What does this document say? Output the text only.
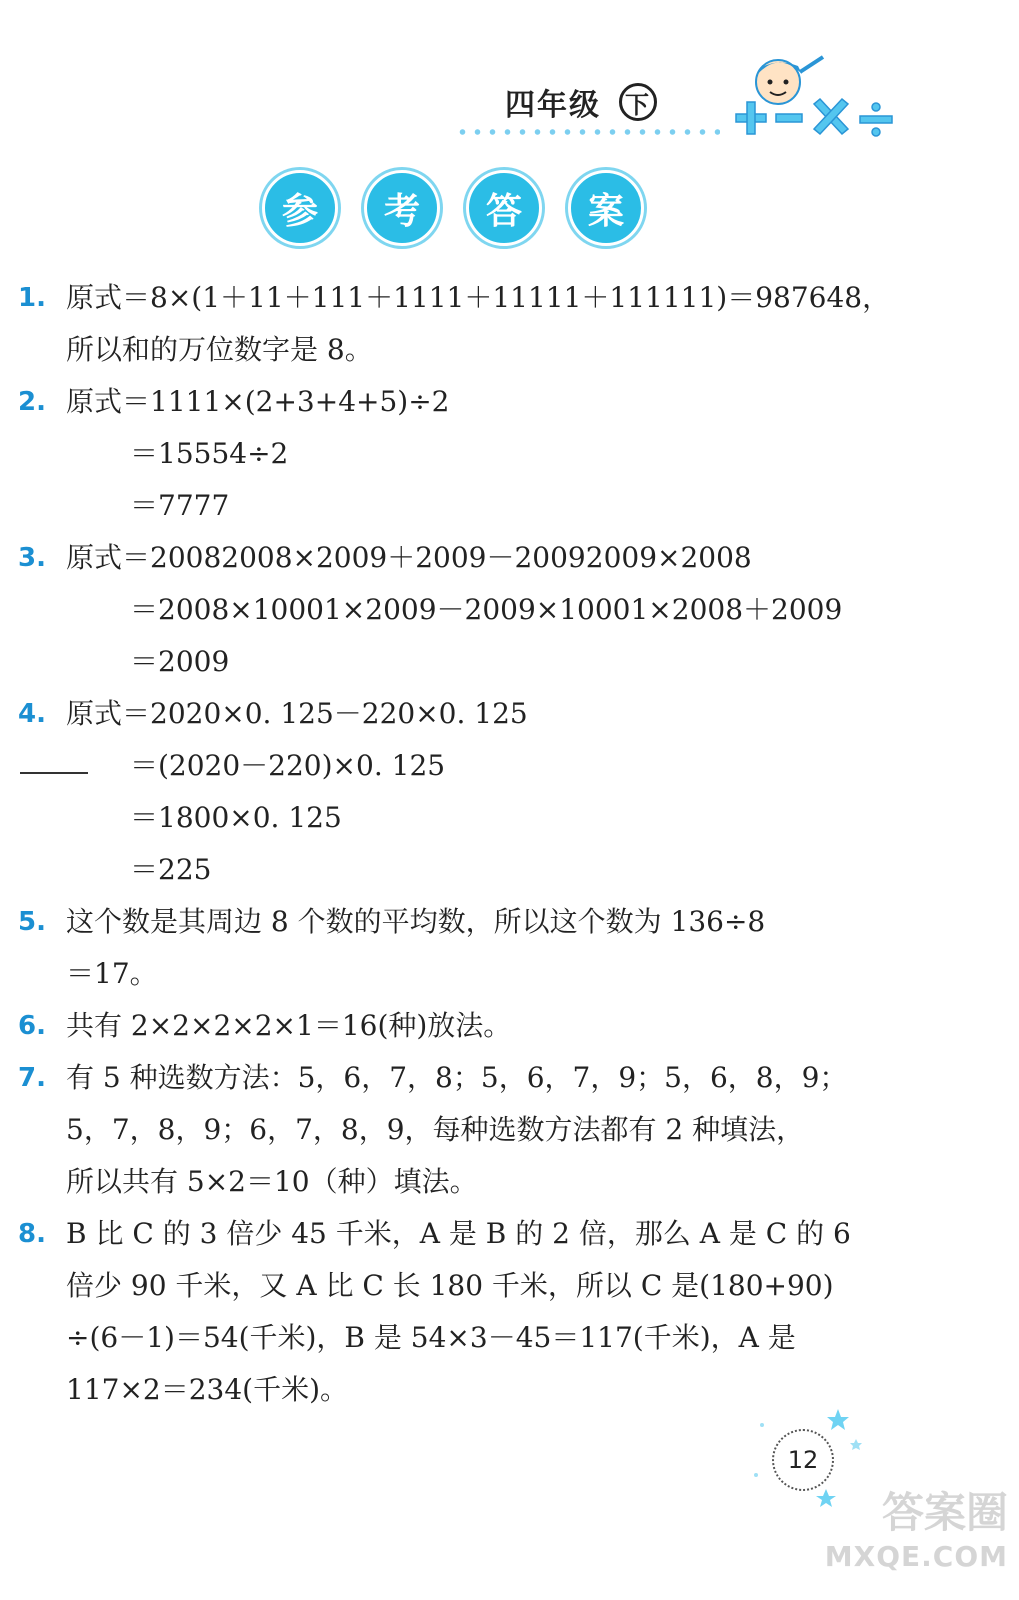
四年级 下
参	考	答	案
1. 原式＝8×(1＋11＋111＋1111＋11111＋111111)＝987648，
所以和的万位数字是 8。
2. 原式＝1111×(2+3+4+5)÷2
＝15554÷2
＝7777
3. 原式＝20082008×2009＋2009－20092009×2008
＝2008×10001×2009－2009×10001×2008＋2009
＝2009
4. 原式＝2020×0. 125－220×0. 125
＝(2020－220)×0. 125
＝1800×0. 125
＝225
5. 这个数是其周边 8 个数的平均数，所以这个数为 136÷8
＝17。
6. 共有 2×2×2×2×1＝16(种)放法。
7. 有 5 种选数方法：5，6，7，8；5，6，7，9；5，6，8，9；
5，7，8，9；6，7，8，9，每种选数方法都有 2 种填法，
所以共有 5×2＝10（种）填法。
8. B 比 C 的 3 倍少 45 千米，A 是 B 的 2 倍，那么 A 是 C 的 6
倍少 90 千米，又 A 比 C 长 180 千米，所以 C 是(180+90)
÷(6－1)＝54(千米)，B 是 54×3－45＝117(千米)，A 是
117×2＝234(千米)。
12
答案圈
MXQE.COM
